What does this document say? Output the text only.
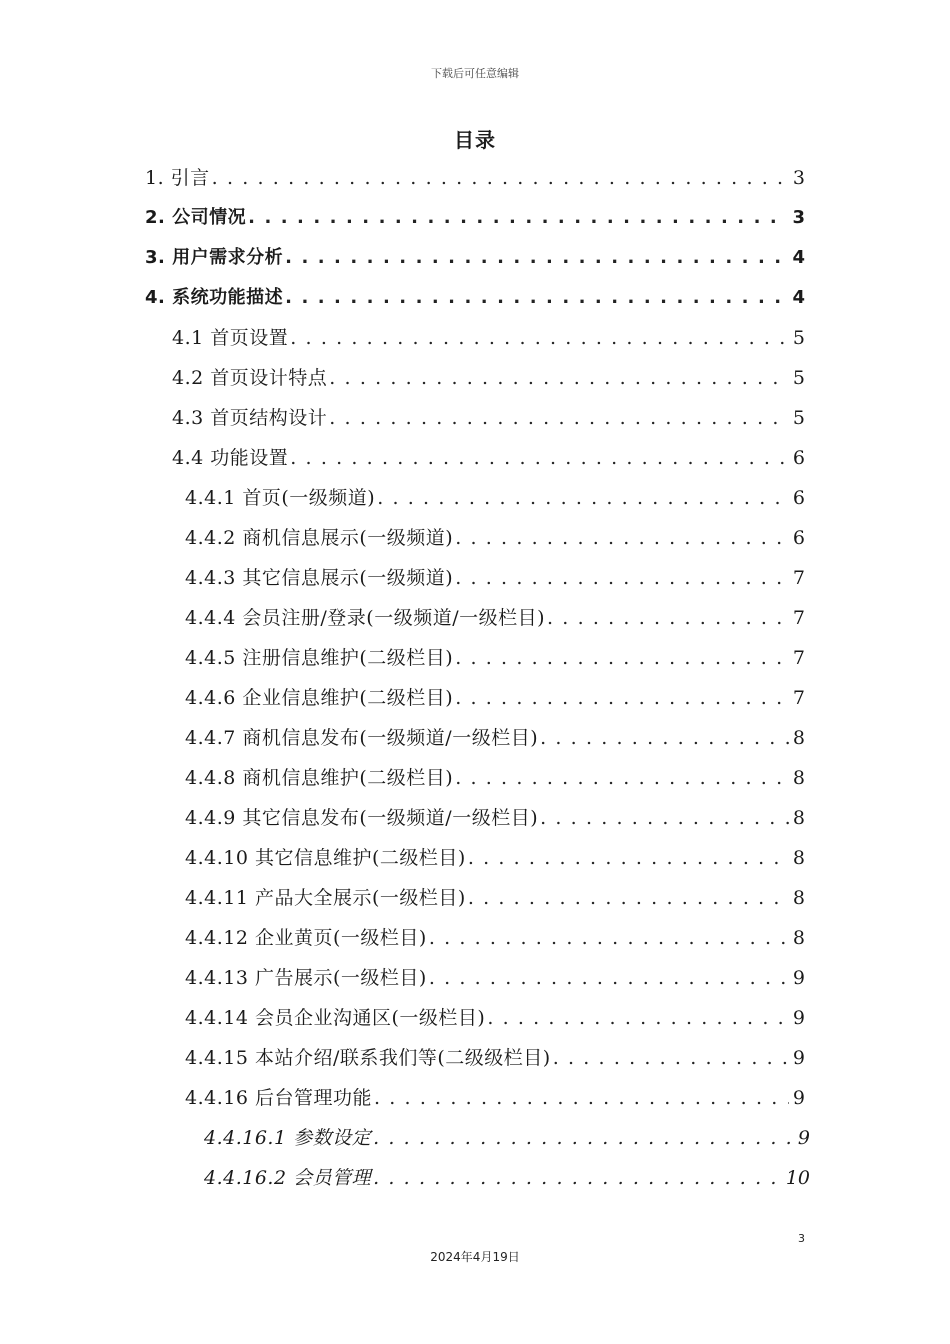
下载后可任意编辑
目录
1. 引言 . . .	3
2. 公司情况 . . .	3
3. 用户需求分析 . . .	4
4. 系统功能描述 . . .	4
4.1 首页设置 . . .	5
4.2 首页设计特点 . . .	5
4.3 首页结构设计 . . .	5
4.4 功能设置 . . .	6
4.4.1 首页(一级频道) . . .	6
4.4.2 商机信息展示(一级频道) . . .	6
4.4.3 其它信息展示(一级频道) . . .	7
4.4.4 会员注册/登录(一级频道/一级栏目) . . .	7
4.4.5 注册信息维护(二级栏目) . . .	7
4.4.6 企业信息维护(二级栏目) . . .	7
4.4.7 商机信息发布(一级频道/一级栏目) . . .	8
4.4.8 商机信息维护(二级栏目) . . .	8
4.4.9 其它信息发布(一级频道/一级栏目) . . .	8
4.4.10 其它信息维护(二级栏目) . . .	8
4.4.11 产品大全展示(一级栏目) . . .	8
4.4.12 企业黄页(一级栏目) . . .	8
4.4.13 广告展示(一级栏目) . . .	9
4.4.14 会员企业沟通区(一级栏目) . . .	9
4.4.15 本站介绍/联系我们等(二级级栏目) . . .	9
4.4.16 后台管理功能 . . .	9
4.4.16.1 参数设定 . . .	9
4.4.16.2 会员管理 . . .	10
3
2024年4月19日
